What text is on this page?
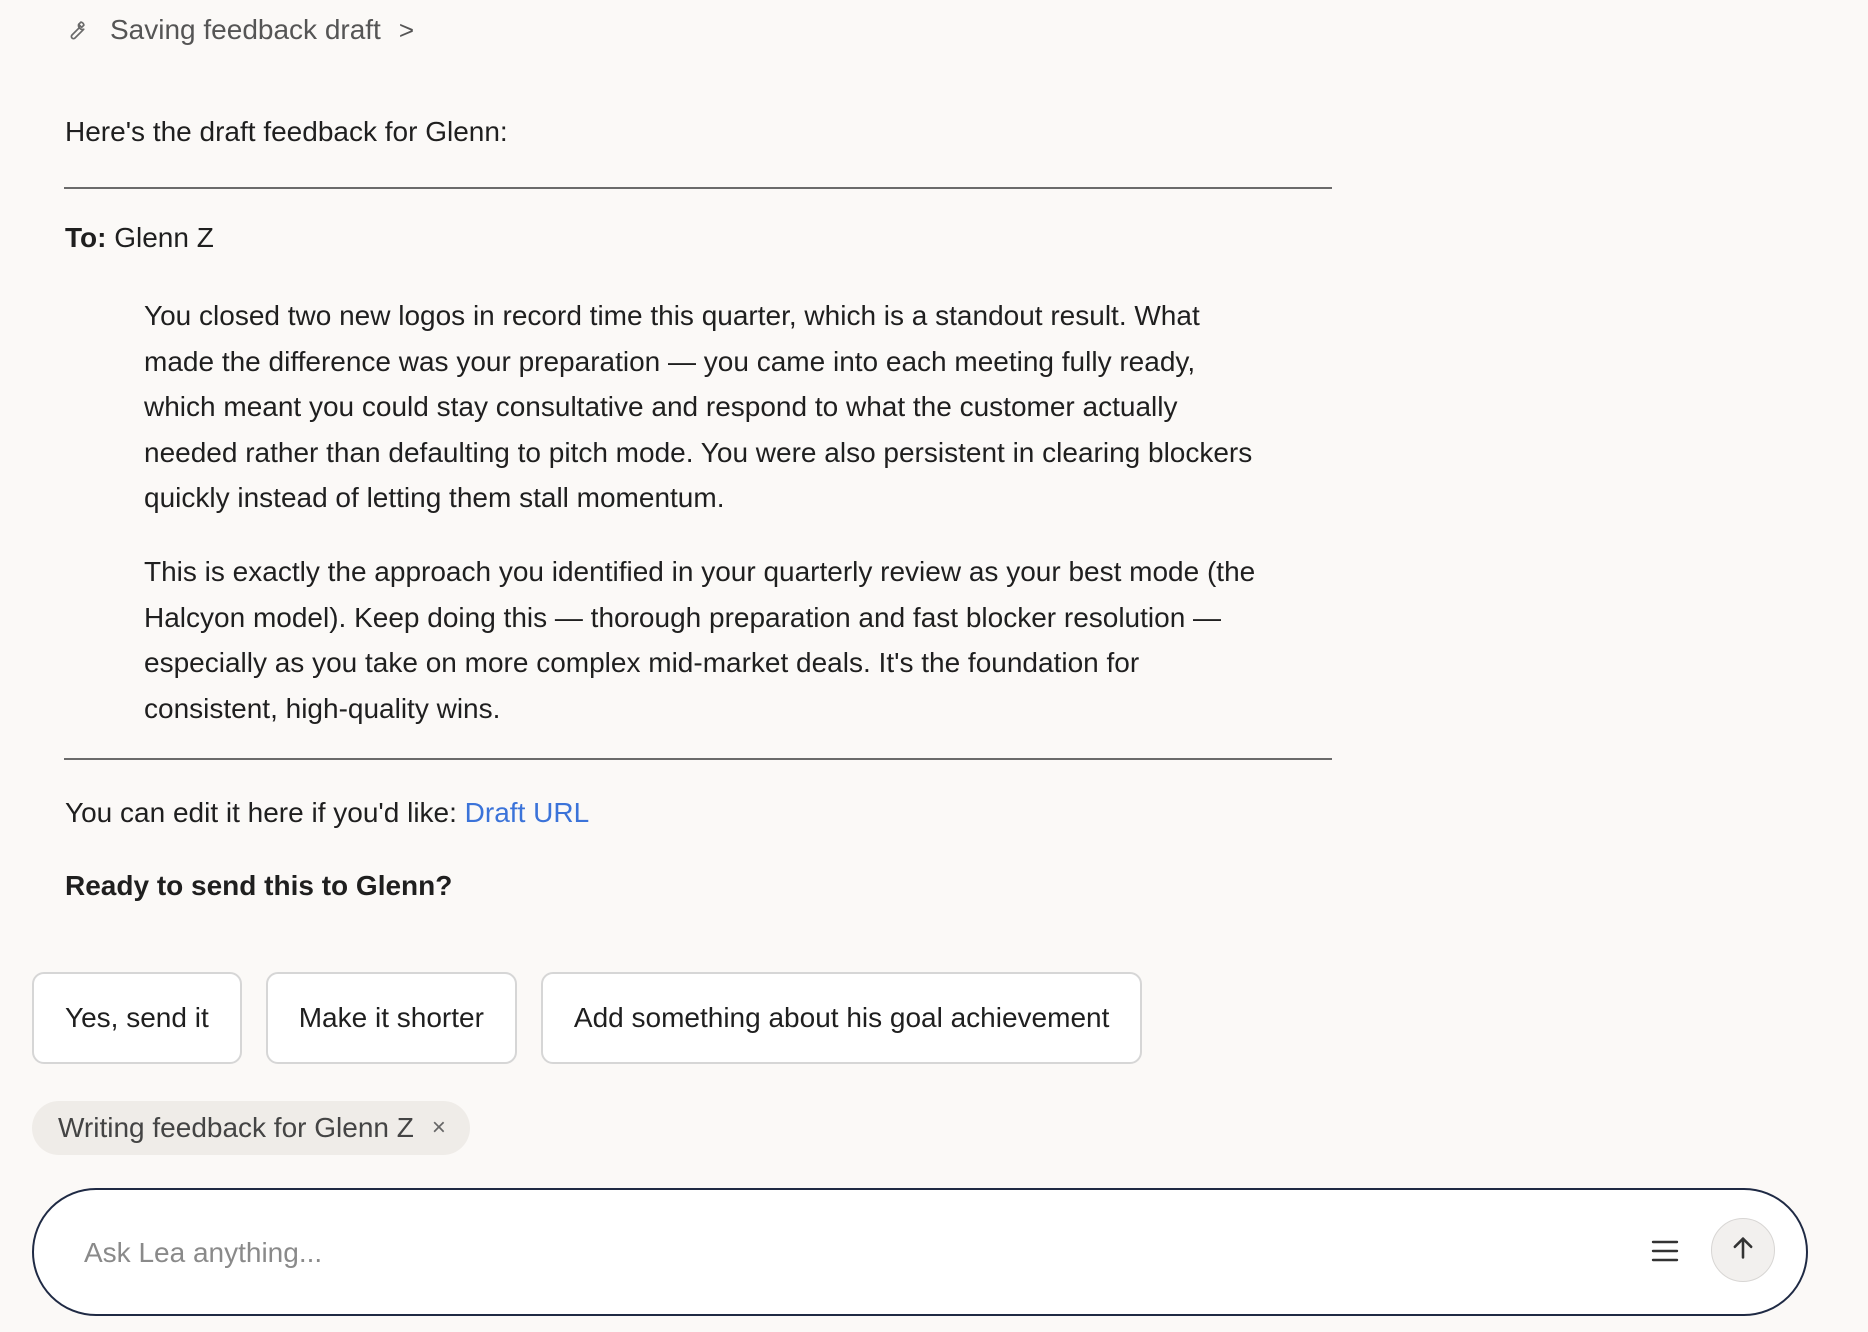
Saving feedback draft >
Here's the draft feedback for Glenn:
To: Glenn Z

You closed two new logos in record time this quarter, which is a standout result. What made the difference was your preparation — you came into each meeting fully ready, which meant you could stay consultative and respond to what the customer actually needed rather than defaulting to pitch mode. You were also persistent in clearing blockers quickly instead of letting them stall momentum.

This is exactly the approach you identified in your quarterly review as your best mode (the Halcyon model). Keep doing this — thorough preparation and fast blocker resolution — especially as you take on more complex mid-market deals. It's the foundation for consistent, high-quality wins.

You can edit it here if you'd like: Draft URL
Ready to send this to Glenn?
Yes, send it	Make it shorter	Add something about his goal achievement
Writing feedback for Glenn Z ×
Ask Lea anything...
